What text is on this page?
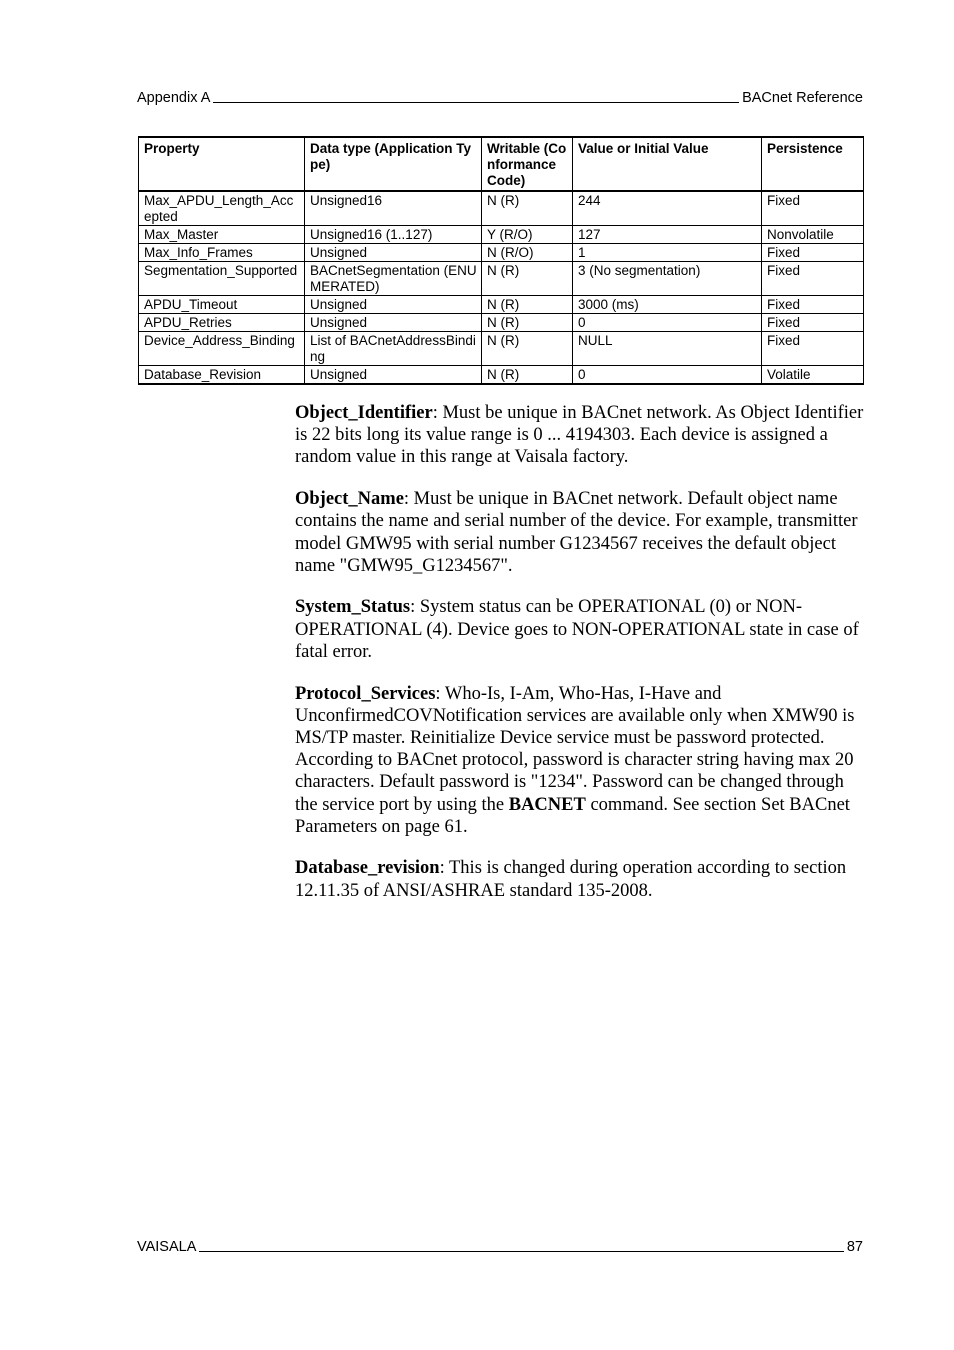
Appendix A	BACnet Reference
Property	Data type (Application Type)	Writable (Conformance Code)	Value or Initial Value	Persistence
Max_APDU_Length_Accepted	Unsigned16	N (R)	244	Fixed
Max_Master	Unsigned16 (1..127)	Y (R/O)	127	Nonvolatile
Max_Info_Frames	Unsigned	N (R/O)	1	Fixed
Segmentation_Supported	BACnetSegmentation (ENUMERATED)	N (R)	3 (No segmentation)	Fixed
APDU_Timeout	Unsigned	N (R)	3000 (ms)	Fixed
APDU_Retries	Unsigned	N (R)	0	Fixed
Device_Address_Binding	List of BACnetAddressBinding	N (R)	NULL	Fixed
Database_Revision	Unsigned	N (R)	0	Volatile

Object_Identifier: Must be unique in BACnet network. As Object Identifier is 22 bits long its value range is 0 ... 4194303. Each device is assigned a random value in this range at Vaisala factory.

Object_Name: Must be unique in BACnet network. Default object name contains the name and serial number of the device. For example, transmitter model GMW95 with serial number G1234567 receives the default object name "GMW95_G1234567".

System_Status: System status can be OPERATIONAL (0) or NON-OPERATIONAL (4). Device goes to NON-OPERATIONAL state in case of fatal error.

Protocol_Services: Who-Is, I-Am, Who-Has, I-Have and UnconfirmedCOVNotification services are available only when XMW90 is MS/TP master. Reinitialize Device service must be password protected. According to BACnet protocol, password is character string having max 20 characters. Default password is "1234". Password can be changed through the service port by using the BACNET command. See section Set BACnet Parameters on page 61.

Database_revision: This is changed during operation according to section 12.11.35 of ANSI/ASHRAE standard 135-2008.

VAISALA	87
